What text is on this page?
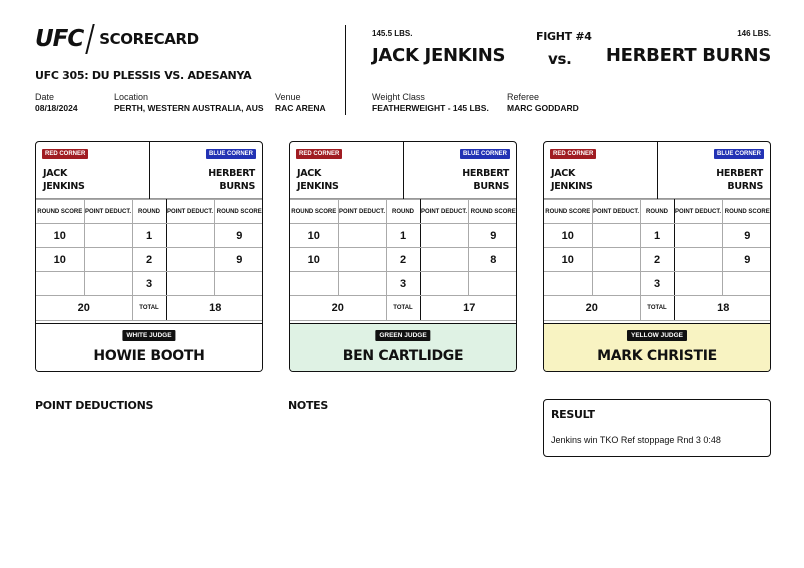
UFC SCORECARD
UFC 305: DU PLESSIS VS. ADESANYA
Date
08/18/2024
Location
PERTH, WESTERN AUSTRALIA, AUS
Venue
RAC ARENA
145.5 LBS.	146 LBS.
JACK JENKINS	HERBERT BURNS
FIGHT #4
vs.
Weight Class
FEATHERWEIGHT - 145 LBS.
Referee
MARC GODDARD
RED CORNER	BLUE CORNER
JACK
JENKINS
HERBERT
BURNS
ROUND SCORE	POINT DEDUCT.	ROUND	POINT DEDUCT.	ROUND SCORE
10		1		9
10		2		9
		3		
20		TOTAL	18	
WHITE JUDGE
HOWIE BOOTH
RED CORNER	BLUE CORNER
JACK
JENKINS
HERBERT
BURNS
ROUND SCORE	POINT DEDUCT.	ROUND	POINT DEDUCT.	ROUND SCORE
10		1		9
10		2		8
		3		
20		TOTAL	17	
GREEN JUDGE
BEN CARTLIDGE
RED CORNER	BLUE CORNER
JACK
JENKINS
HERBERT
BURNS
ROUND SCORE	POINT DEDUCT.	ROUND	POINT DEDUCT.	ROUND SCORE
10		1		9
10		2		9
		3		
20		TOTAL	18	
YELLOW JUDGE
MARK CHRISTIE
POINT DEDUCTIONS	NOTES
RESULT
Jenkins win TKO Ref stoppage Rnd 3 0:48
